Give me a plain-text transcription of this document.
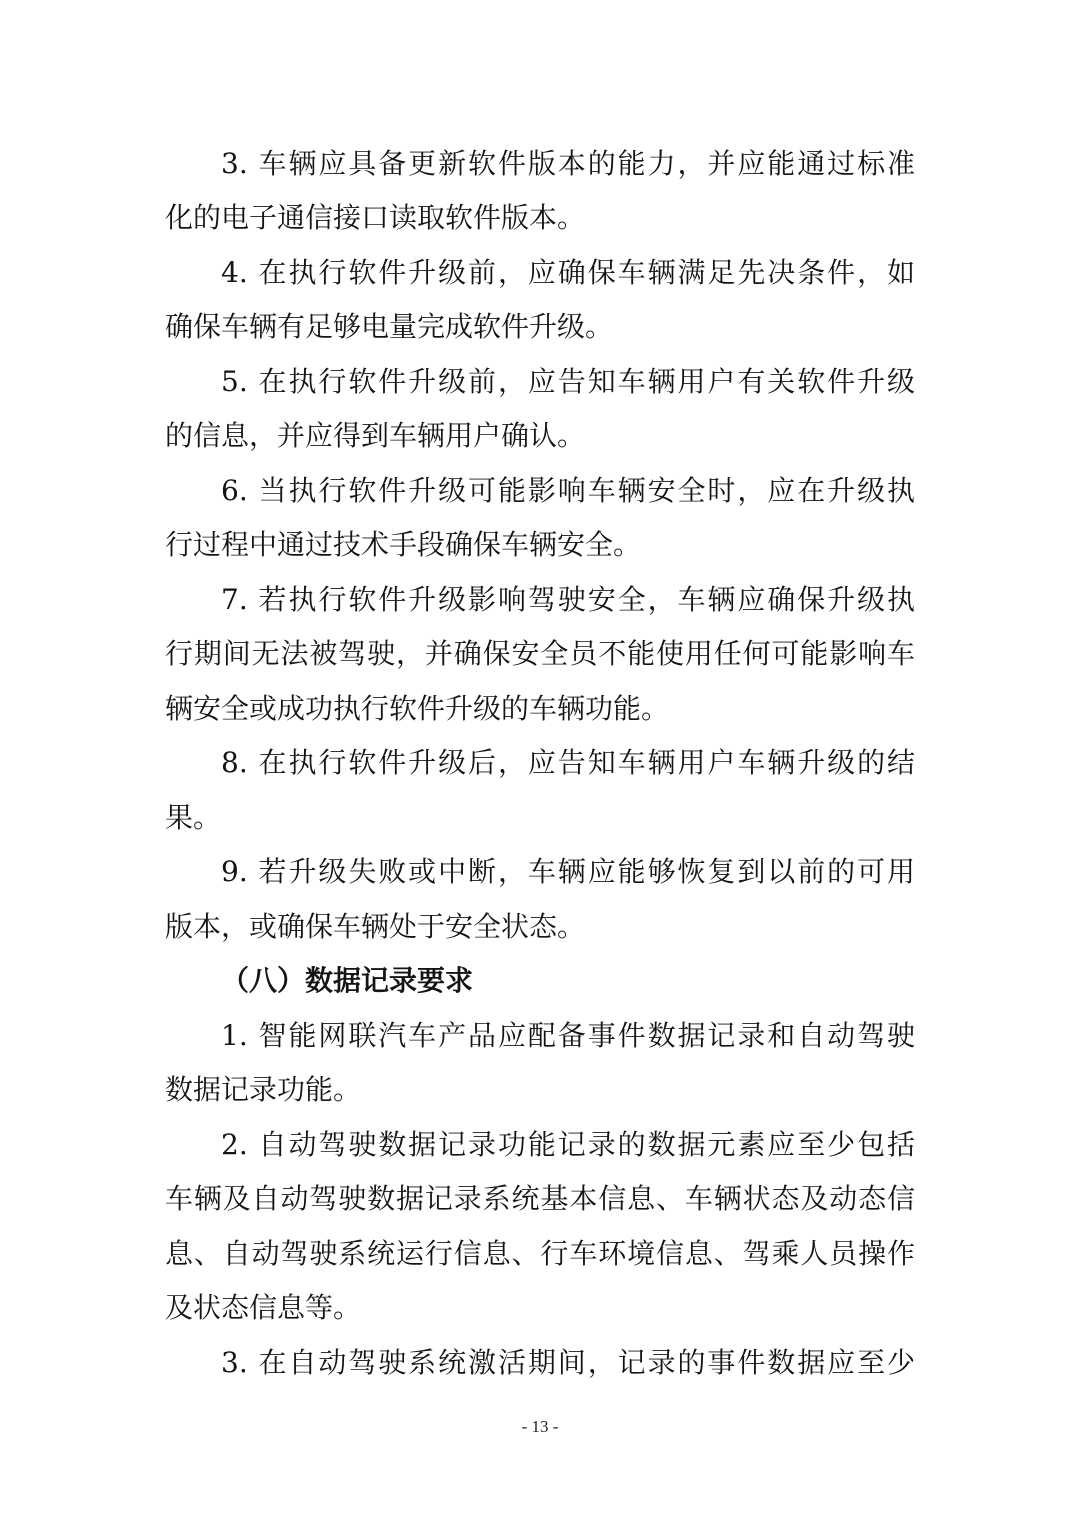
3. 车辆应具备更新软件版本的能力，并应能通过标准
化的电子通信接口读取软件版本。
4. 在执行软件升级前，应确保车辆满足先决条件，如
确保车辆有足够电量完成软件升级。
5. 在执行软件升级前，应告知车辆用户有关软件升级
的信息，并应得到车辆用户确认。
6. 当执行软件升级可能影响车辆安全时，应在升级执
行过程中通过技术手段确保车辆安全。
7. 若执行软件升级影响驾驶安全，车辆应确保升级执
行期间无法被驾驶，并确保安全员不能使用任何可能影响车
辆安全或成功执行软件升级的车辆功能。
8. 在执行软件升级后，应告知车辆用户车辆升级的结
果。
9. 若升级失败或中断，车辆应能够恢复到以前的可用
版本，或确保车辆处于安全状态。
（八）数据记录要求
1. 智能网联汽车产品应配备事件数据记录和自动驾驶
数据记录功能。
2. 自动驾驶数据记录功能记录的数据元素应至少包括
车辆及自动驾驶数据记录系统基本信息、车辆状态及动态信
息、自动驾驶系统运行信息、行车环境信息、驾乘人员操作
及状态信息等。
3. 在自动驾驶系统激活期间，记录的事件数据应至少
- 13 -
